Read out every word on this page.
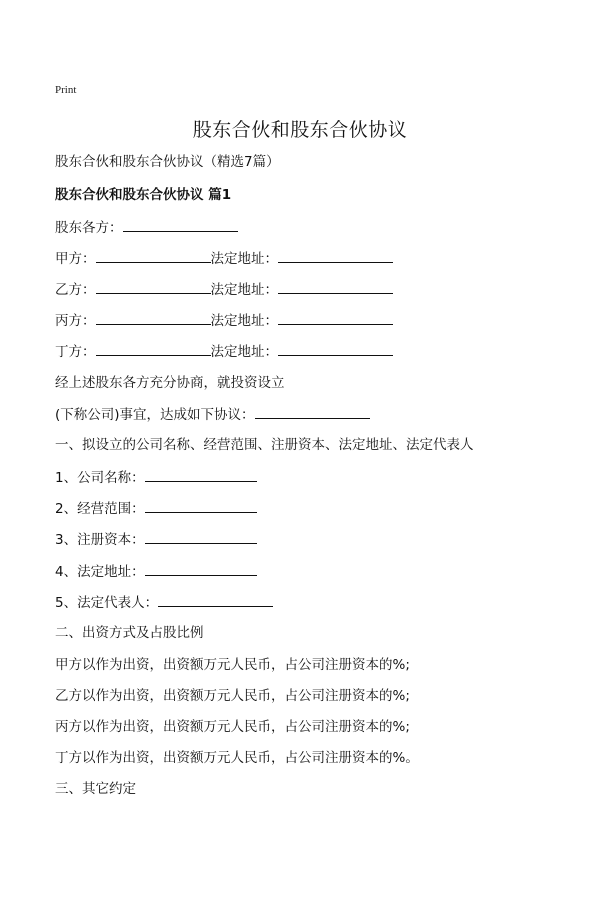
Print
股东合伙和股东合伙协议
股东合伙和股东合伙协议（精选7篇）
股东合伙和股东合伙协议 篇1
股东各方：
甲方：	法定地址：
乙方：	法定地址：
丙方：	法定地址：
丁方：	法定地址：
经上述股东各方充分协商，就投资设立
(下称公司)事宜，达成如下协议：
一、拟设立的公司名称、经营范围、注册资本、法定地址、法定代表人
1、公司名称：
2、经营范围：
3、注册资本：
4、法定地址：
5、法定代表人：
二、出资方式及占股比例
甲方以作为出资，出资额万元人民币，占公司注册资本的%;
乙方以作为出资，出资额万元人民币，占公司注册资本的%;
丙方以作为出资，出资额万元人民币，占公司注册资本的%;
丁方以作为出资，出资额万元人民币，占公司注册资本的%。
三、其它约定
